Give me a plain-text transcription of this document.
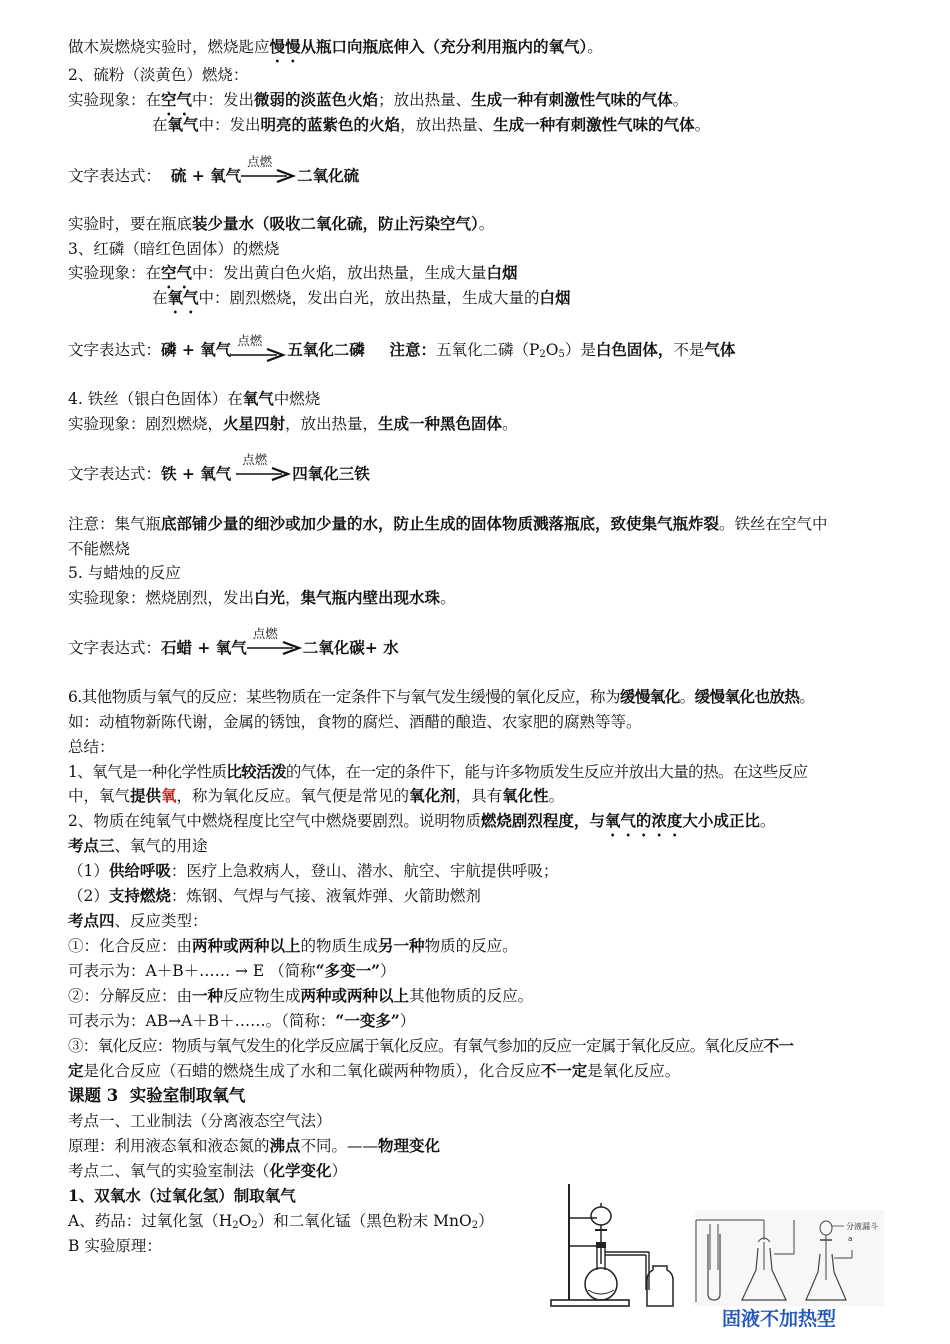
做木炭燃烧实验时，燃烧匙应慢慢从瓶口向瓶底伸入（充分利用瓶内的氧气）。
2、硫粉（淡黄色）燃烧：
实验现象：在空气中：发出微弱的淡蓝色火焰；放出热量、生成一种有刺激性气味的气体。
在氧气中：发出明亮的蓝紫色的火焰，放出热量、生成一种有刺激性气味的气体。
文字表达式： 硫 + 氧气
点燃
二氧化硫
实验时，要在瓶底装少量水（吸收二氧化硫，防止污染空气）。
3、红磷（暗红色固体）的燃烧
实验现象：在空气中：发出黄白色火焰，放出热量，生成大量白烟
在氧气中：剧烈燃烧，发出白光，放出热量，生成大量的白烟
文字表达式：磷 + 氧气 点燃 五氧化二磷 注意：五氧化二磷$(P_2O_5)$是白色固体，不是气体
4. 铁丝（银白色固体）在氧气中燃烧
实验现象：剧烈燃烧，火星四射，放出热量，生成一种黑色固体。
文字表达式：铁 + 氧气
点燃
四氧化三铁
注意：集气瓶底部铺少量的细沙或加少量的水，防止生成的固体物质溅落瓶底，致使集气瓶炸裂。铁丝在空气中
不能燃烧
5. 与蜡烛的反应
实验现象：燃烧剧烈，发出白光，集气瓶内壁出现水珠。
文字表达式：石蜡 + 氧气
点燃
二氧化碳+ 水
6.其他物质与氧气的反应：某些物质在一定条件下与氧气发生缓慢的氧化反应，称为缓慢氧化。缓慢氧化也放热。
如：动植物新陈代谢，金属的锈蚀，食物的腐烂、酒醋的酿造、农家肥的腐熟等等。
总结：
1、氧气是一种化学性质比较活泼的气体，在一定的条件下，能与许多物质发生反应并放出大量的热。在这些反应
中，氧气提供氧，称为氧化反应。氧气便是常见的氧化剂，具有氧化性。
2、物质在纯氧气中燃烧程度比空气中燃烧要剧烈。说明物质燃烧剧烈程度，与氧气的浓度大小成正比。
考点三、氧气的用途
（1）供给呼吸：医疗上急救病人，登山、潜水、航空、宇航提供呼吸；
（2）支持燃烧：炼钢、气焊与气接、液氧炸弹、火箭助燃剂
考点四、反应类型：
①：化合反应：由两种或两种以上的物质生成另一种物质的反应。
可表示为：A＋B＋…… → E （简称“多变一”）
②：分解反应：由一种反应物生成两种或两种以上其他物质的反应。
可表示为：AB→A＋B＋……。（简称：“一变多”）
③：氧化反应：物质与氧气发生的化学反应属于氧化反应。有氧气参加的反应一定属于氧化反应。氧化反应不一
定是化合反应（石蜡的燃烧生成了水和二氧化碳两种物质），化合反应不一定是氧化反应。
课题 3 实验室制取氧气
考点一、工业制法（分离液态空气法）
原理：利用液态氧和液态氮的沸点不同。——物理变化
考点二、氧气的实验室制法（化学变化）
1、双氧水（过氧化氢）制取氧气
A、药品：过氧化氢$(H_2O_2)$和二氧化锰（黑色粉末 MnO$_2$）
B 实验原理：
分液漏斗
a
固液不加热型
